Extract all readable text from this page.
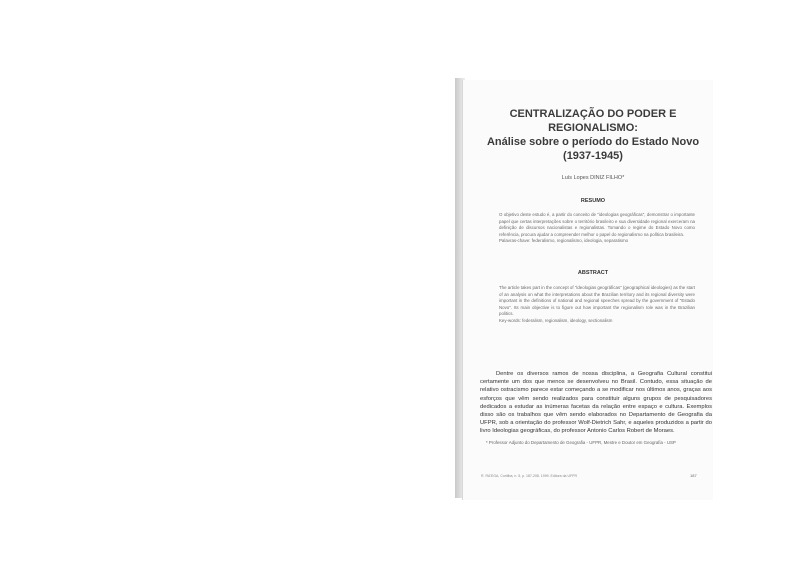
CENTRALIZAÇÃO DO PODER E
REGIONALISMO:
Análise sobre o período do Estado Novo
(1937-1945)
Luís Lopes DINIZ FILHO*
RESUMO
O objetivo deste estudo é, a partir do conceito de "ideologias geográficas", demonstrar o importante papel que certas interpretações sobre o território brasileiro e sua diversidade regional exerceram na definição de discursos nacionalistas e regionalistas. Tomando o regime do Estado Novo como referência, procura ajudar a compreender melhor o papel do regionalismo na política brasileira.
Palavras-chave: federalismo, regionalismo, ideologia, separatismo
ABSTRACT
The article takes part in the concept of "ideologias geográficas" (geographical ideologies) as the start of an analysis on what the interpretations about the Brazilian territory and its regional diversity were important in the definitions of national and regional speeches spread by the government of "Estado Novo". Its main objective is to figure out how important the regionalism role was in the Brazilian politics.
Key-words: federalism, regionalism, ideology, sectionalism
Dentre os diversos ramos de nossa disciplina, a Geografia Cultural constitui certamente um dos que menos se desenvolveu no Brasil. Contudo, essa situação de relativo ostracismo parece estar começando a se modificar nos últimos anos, graças aos esforços que vêm sendo realizados para constituir alguns grupos de pesquisadores dedicados a estudar as inúmeras facetas da relação entre espaço e cultura. Exemplos disso são os trabalhos que vêm sendo elaborados no Departamento de Geografia da UFPR, sob a orientação do professor Wolf-Dietrich Sahr, e aqueles produzidos a partir do livro Ideologias geográficas, do professor Antonio Carlos Robert de Moraes.
* Professor Adjunto do Departamento de Geografia - UFPR, Mestre e Doutor em Geografia - USP
R. RA'EGA, Curitiba, n. 5, p. 187-208. 1999. Editora da UFPR	187
